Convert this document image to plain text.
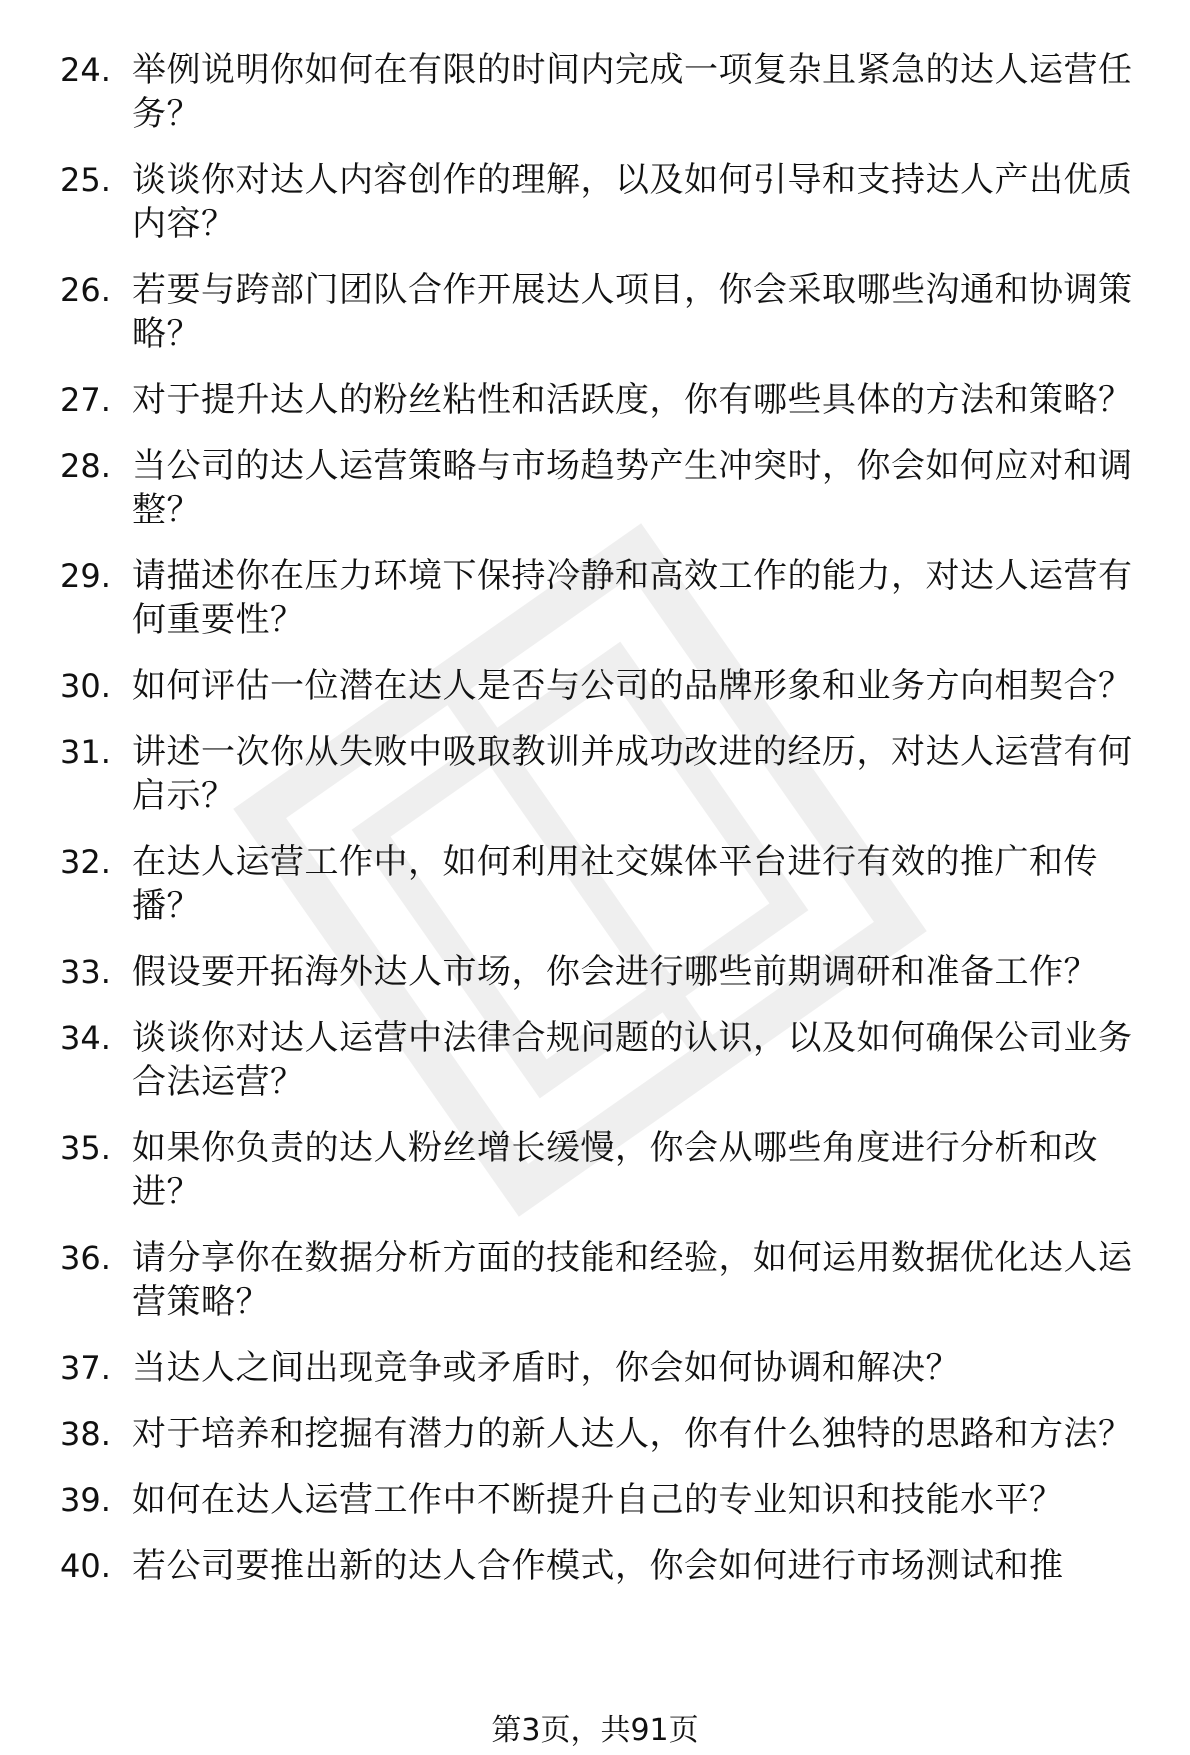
24. 举例说明你如何在有限的时间内完成一项复杂且紧急的达人运营任务？
25. 谈谈你对达人内容创作的理解，以及如何引导和支持达人产出优质内容？
26. 若要与跨部门团队合作开展达人项目，你会采取哪些沟通和协调策略？
27. 对于提升达人的粉丝粘性和活跃度，你有哪些具体的方法和策略？
28. 当公司的达人运营策略与市场趋势产生冲突时，你会如何应对和调整？
29. 请描述你在压力环境下保持冷静和高效工作的能力，对达人运营有何重要性？
30. 如何评估一位潜在达人是否与公司的品牌形象和业务方向相契合？
31. 讲述一次你从失败中吸取教训并成功改进的经历，对达人运营有何启示？
32. 在达人运营工作中，如何利用社交媒体平台进行有效的推广和传播？
33. 假设要开拓海外达人市场，你会进行哪些前期调研和准备工作？
34. 谈谈你对达人运营中法律合规问题的认识，以及如何确保公司业务合法运营？
35. 如果你负责的达人粉丝增长缓慢，你会从哪些角度进行分析和改进？
36. 请分享你在数据分析方面的技能和经验，如何运用数据优化达人运营策略？
37. 当达人之间出现竞争或矛盾时，你会如何协调和解决？
38. 对于培养和挖掘有潜力的新人达人，你有什么独特的思路和方法？
39. 如何在达人运营工作中不断提升自己的专业知识和技能水平？
40. 若公司要推出新的达人合作模式，你会如何进行市场测试和推
第3页，共91页
